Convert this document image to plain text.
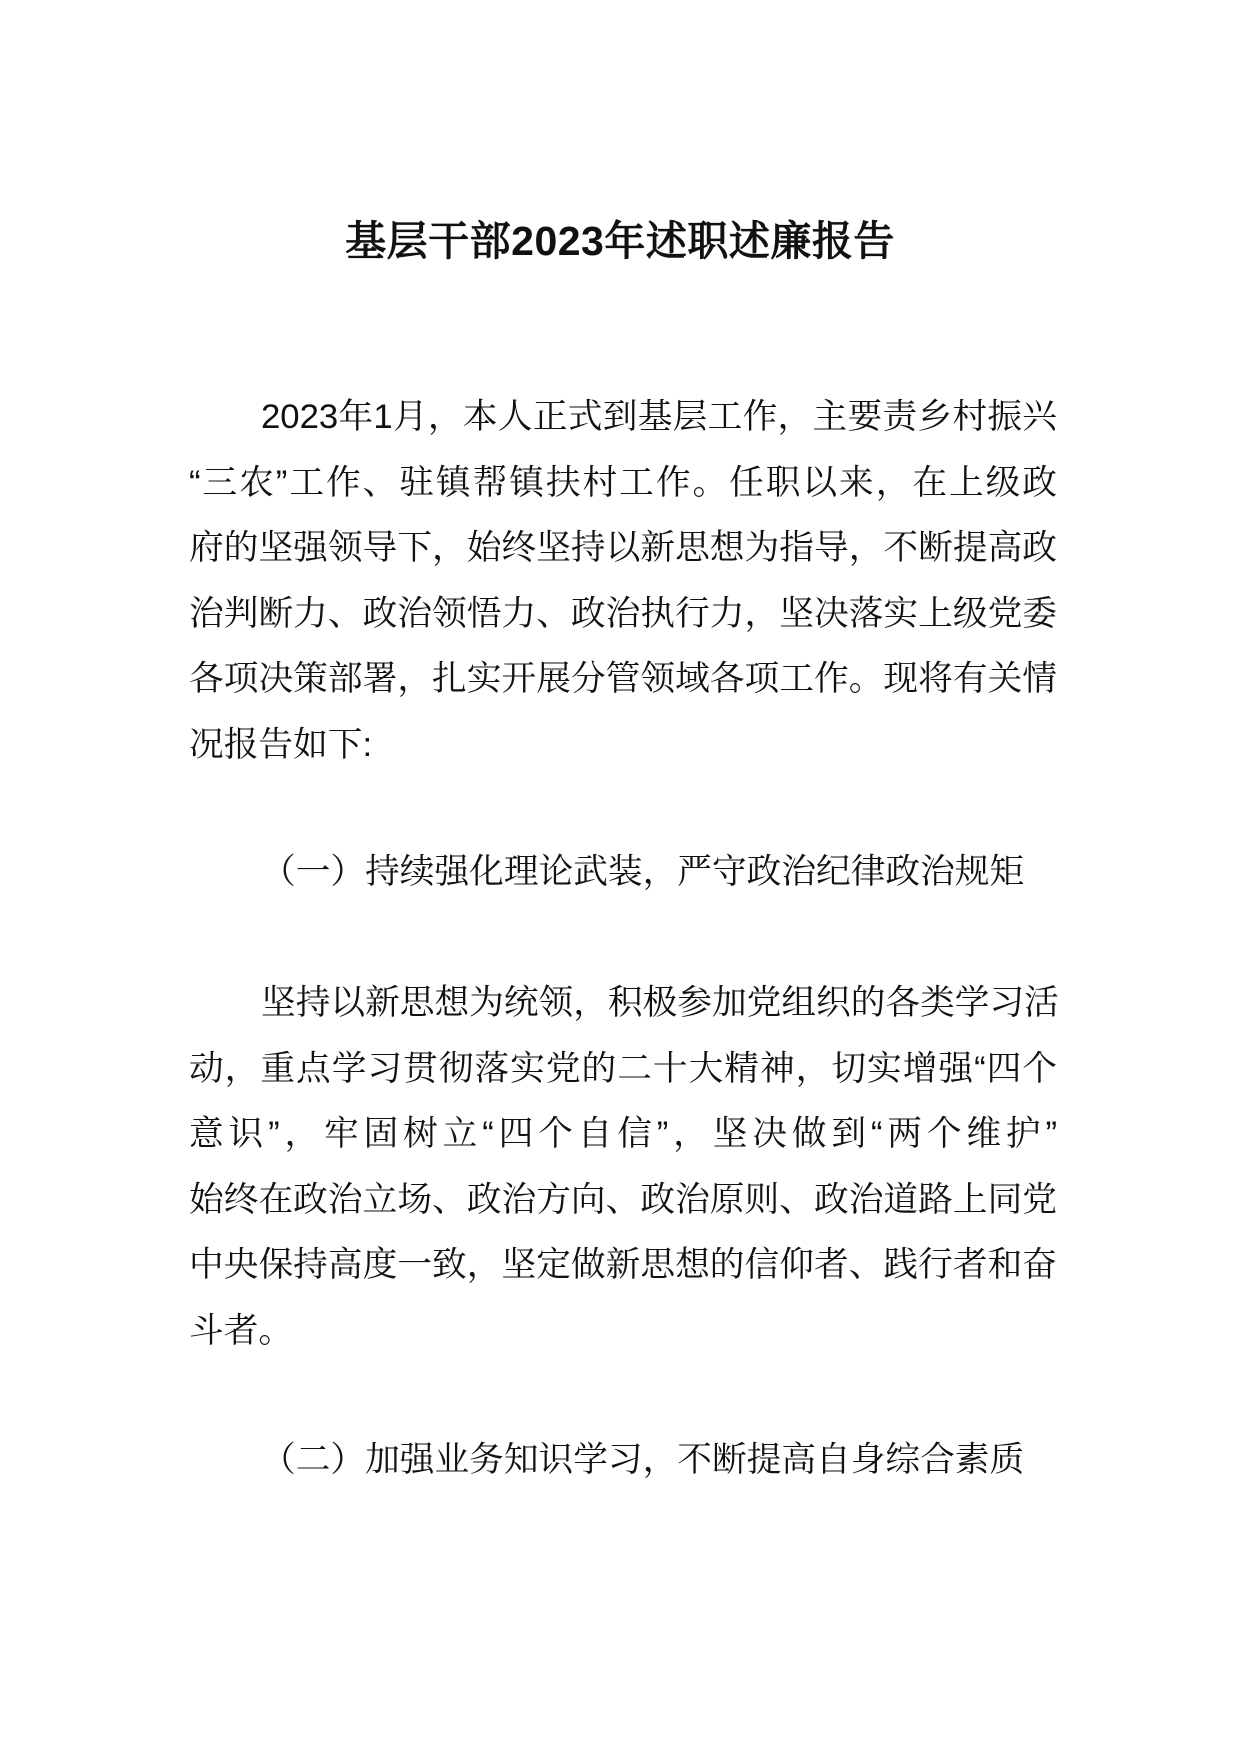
基层干部2023年述职述廉报告
2023年1月，本人正式到基层工作，主要责乡村振兴
“三农”工作、驻镇帮镇扶村工作。任职以来，在上级政
府的坚强领导下，始终坚持以新思想为指导，不断提高政
治判断力、政治领悟力、政治执行力，坚决落实上级党委
各项决策部署，扎实开展分管领域各项工作。现将有关情
况报告如下:
（一）持续强化理论武装，严守政治纪律政治规矩
坚持以新思想为统领，积极参加党组织的各类学习活
动，重点学习贯彻落实党的二十大精神，切实增强“四个
意识”，牢固树立“四个自信”，坚决做到“两个维护”
始终在政治立场、政治方向、政治原则、政治道路上同党
中央保持高度一致，坚定做新思想的信仰者、践行者和奋
斗者。
（二）加强业务知识学习，不断提高自身综合素质
